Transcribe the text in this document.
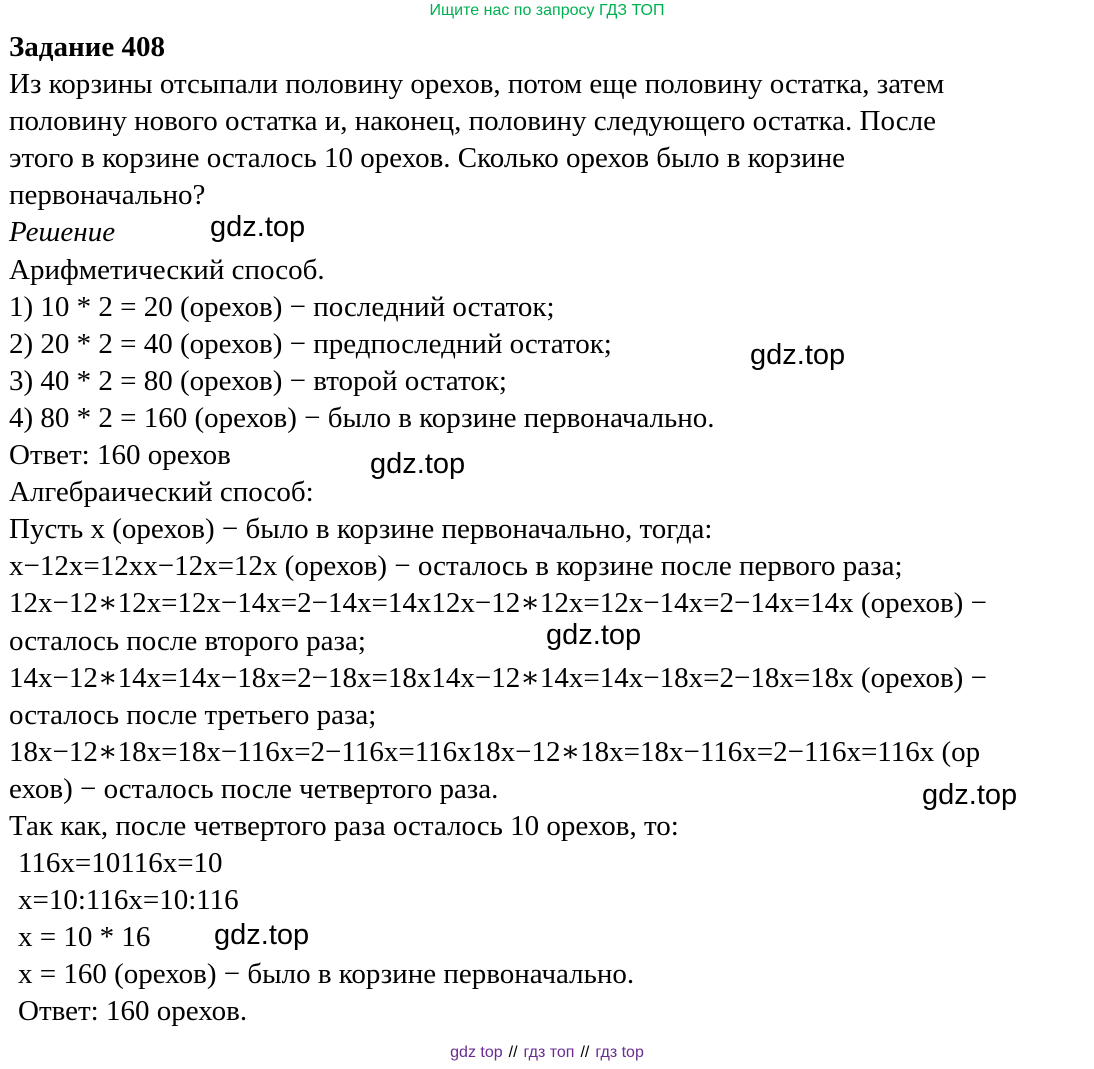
Ищите нас по запросу ГДЗ ТОП
Задание 408
Из корзины отсыпали половину орехов, потом еще половину остатка, затем
половину нового остатка и, наконец, половину следующего остатка. После
этого в корзине осталось 10 орехов. Сколько орехов было в корзине
первоначально?
Решение
Арифметический способ.
1) 10 * 2 = 20 (орехов) − последний остаток;
2) 20 * 2 = 40 (орехов) − предпоследний остаток;
3) 40 * 2 = 80 (орехов) − второй остаток;
4) 80 * 2 = 160 (орехов) − было в корзине первоначально.
Ответ: 160 орехов
Алгебраический способ:
Пусть x (орехов) − было в корзине первоначально, тогда:
x−12x=12xx−12x=12x (орехов) − осталось в корзине после первого раза;
12x−12∗12x=12x−14x=2−14x=14x12x−12∗12x=12x−14x=2−14x=14x (орехов) −
осталось после второго раза;
14x−12∗14x=14x−18x=2−18x=18x14x−12∗14x=14x−18x=2−18x=18x (орехов) −
осталось после третьего раза;
18x−12∗18x=18x−116x=2−116x=116x18x−12∗18x=18x−116x=2−116x=116x (ор
ехов) − осталось после четвертого раза.
Так как, после четвертого раза осталось 10 орехов, то:
116x=10116x=10
x=10:116x=10:116
x = 10 * 16
x = 160 (орехов) − было в корзине первоначально.
Ответ: 160 орехов.
gdz.top
gdz.top
gdz.top
gdz.top
gdz.top
gdz.top
gdz top // гдз топ // гдз top
